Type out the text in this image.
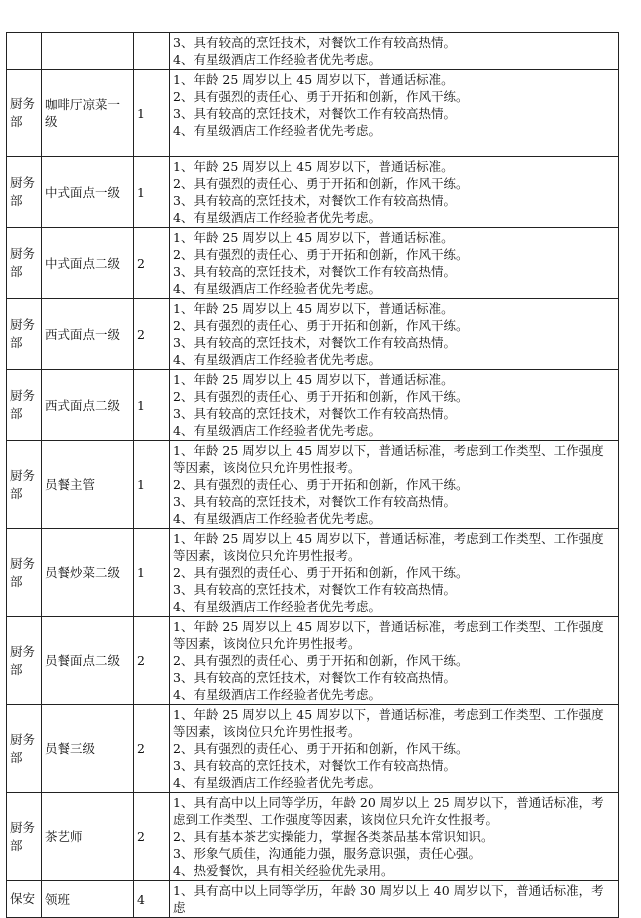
			3、具有较高的烹饪技术，对餐饮工作有较高热情。
4、有星级酒店工作经验者优先考虑。

厨务部	咖啡厅凉菜一级	1	1、年龄 25 周岁以上 45 周岁以下，普通话标准。
2、具有强烈的责任心、勇于开拓和创新，作风干练。
3、具有较高的烹饪技术，对餐饮工作有较高热情。
4、有星级酒店工作经验者优先考虑。

厨务部	中式面点一级	1	1、年龄 25 周岁以上 45 周岁以下，普通话标准。
2、具有强烈的责任心、勇于开拓和创新，作风干练。
3、具有较高的烹饪技术，对餐饮工作有较高热情。
4、有星级酒店工作经验者优先考虑。

厨务部	中式面点二级	2	1、年龄 25 周岁以上 45 周岁以下，普通话标准。
2、具有强烈的责任心、勇于开拓和创新，作风干练。
3、具有较高的烹饪技术，对餐饮工作有较高热情。
4、有星级酒店工作经验者优先考虑。

厨务部	西式面点一级	2	1、年龄 25 周岁以上 45 周岁以下，普通话标准。
2、具有强烈的责任心、勇于开拓和创新，作风干练。
3、具有较高的烹饪技术，对餐饮工作有较高热情。
4、有星级酒店工作经验者优先考虑。

厨务部	西式面点二级	1	1、年龄 25 周岁以上 45 周岁以下，普通话标准。
2、具有强烈的责任心、勇于开拓和创新，作风干练。
3、具有较高的烹饪技术，对餐饮工作有较高热情。
4、有星级酒店工作经验者优先考虑。

厨务部	员餐主管	1	1、年龄 25 周岁以上 45 周岁以下，普通话标准，考虑到工作类型、工作强度等因素，该岗位只允许男性报考。
2、具有强烈的责任心、勇于开拓和创新，作风干练。
3、具有较高的烹饪技术，对餐饮工作有较高热情。
4、有星级酒店工作经验者优先考虑。

厨务部	员餐炒菜二级	1	1、年龄 25 周岁以上 45 周岁以下，普通话标准，考虑到工作类型、工作强度等因素，该岗位只允许男性报考。
2、具有强烈的责任心、勇于开拓和创新，作风干练。
3、具有较高的烹饪技术，对餐饮工作有较高热情。
4、有星级酒店工作经验者优先考虑。

厨务部	员餐面点二级	2	1、年龄 25 周岁以上 45 周岁以下，普通话标准，考虑到工作类型、工作强度等因素，该岗位只允许男性报考。
2、具有强烈的责任心、勇于开拓和创新，作风干练。
3、具有较高的烹饪技术，对餐饮工作有较高热情。
4、有星级酒店工作经验者优先考虑。

厨务部	员餐三级	2	1、年龄 25 周岁以上 45 周岁以下，普通话标准，考虑到工作类型、工作强度等因素，该岗位只允许男性报考。
2、具有强烈的责任心、勇于开拓和创新，作风干练。
3、具有较高的烹饪技术，对餐饮工作有较高热情。
4、有星级酒店工作经验者优先考虑。

厨务部	茶艺师	2	1、具有高中以上同等学历，年龄 20 周岁以上 25 周岁以下，普通话标准，考虑到工作类型、工作强度等因素，该岗位只允许女性报考。
2、具有基本茶艺实操能力，掌握各类茶品基本常识知识。
3、形象气质佳，沟通能力强，服务意识强，责任心强。
4、热爱餐饮，具有相关经验优先录用。

保安	领班	4	1、具有高中以上同等学历，年龄 30 周岁以上 40 周岁以下，普通话标准，考虑
